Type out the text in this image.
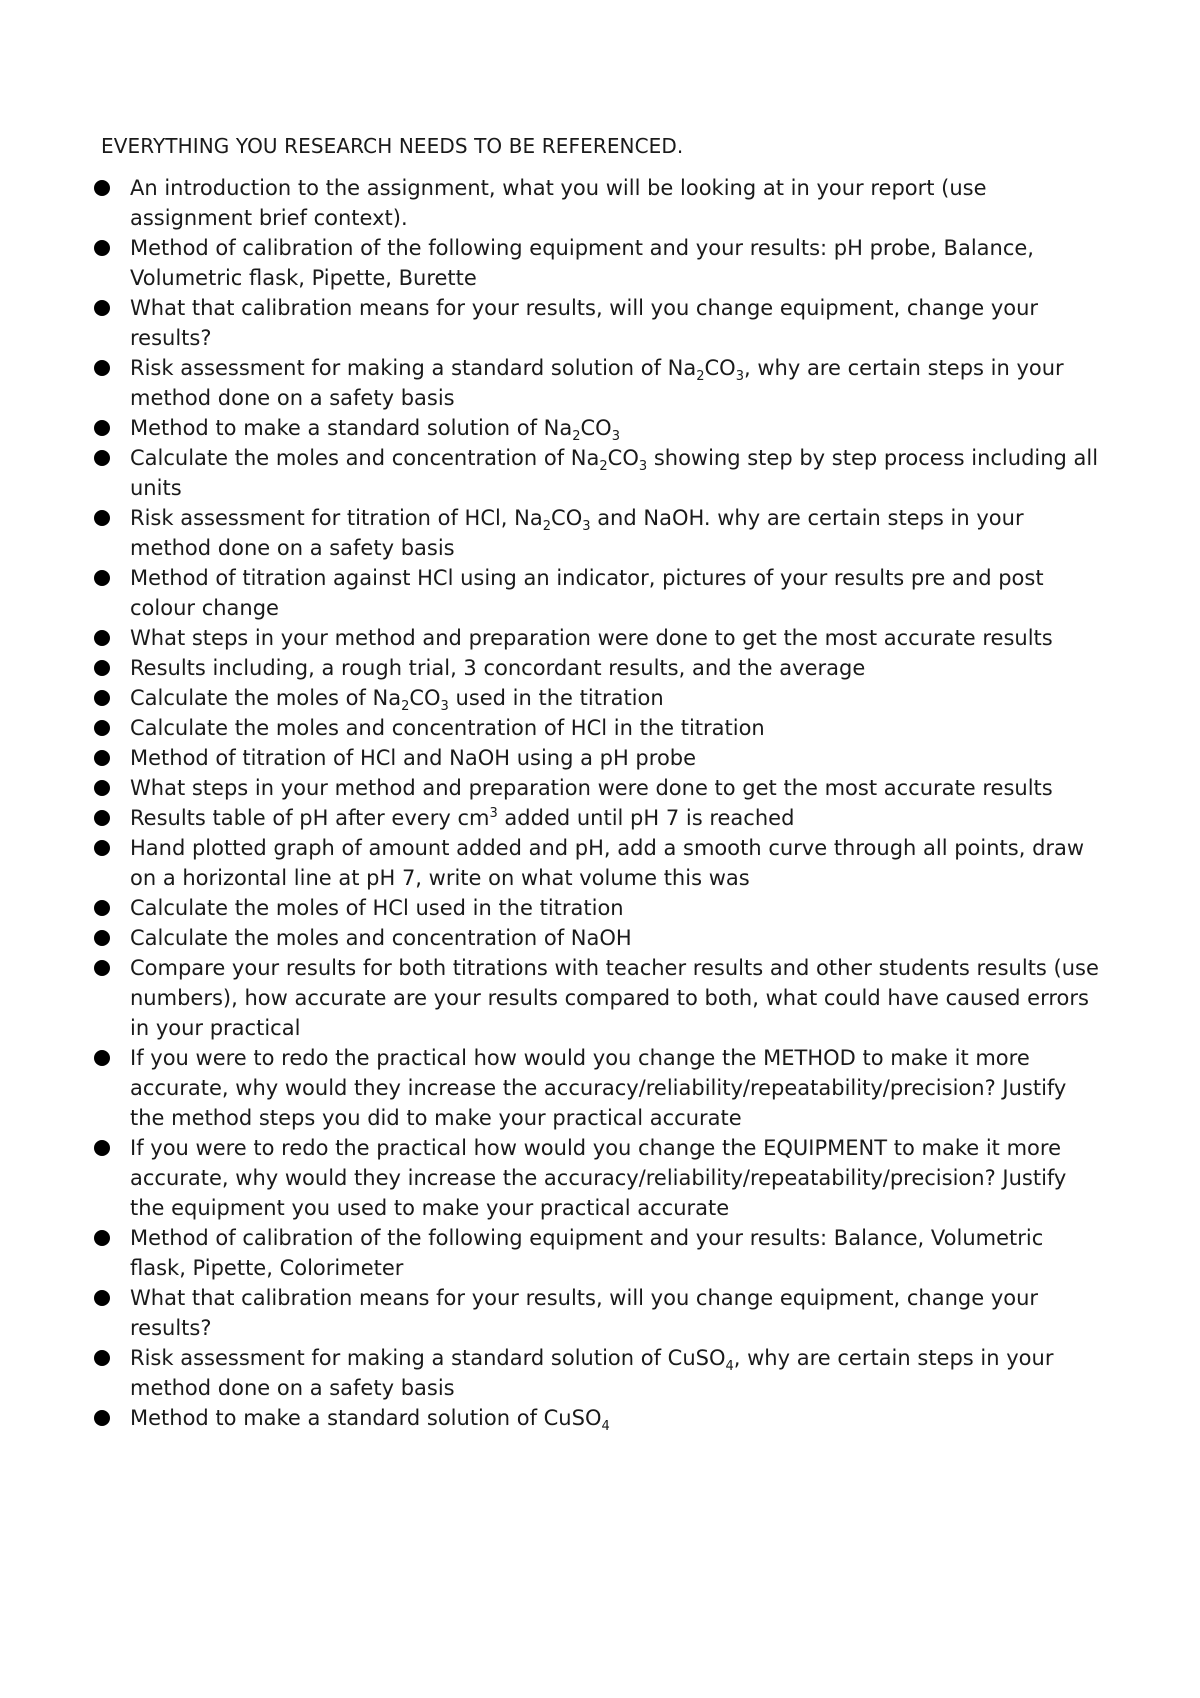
EVERYTHING YOU RESEARCH NEEDS TO BE REFERENCED.
An introduction to the assignment, what you will be looking at in your report (use assignment brief context).
Method of calibration of the following equipment and your results: pH probe, Balance, Volumetric flask, Pipette, Burette
What that calibration means for your results, will you change equipment, change your results?
Risk assessment for making a standard solution of $Na_2CO_3$, why are certain steps in your method done on a safety basis
Method to make a standard solution of $Na_2CO_3$
Calculate the moles and concentration of $Na_2CO_3$ showing step by step process including all units
Risk assessment for titration of HCl, $Na_2CO_3$ and NaOH. why are certain steps in your method done on a safety basis
Method of titration against HCl using an indicator, pictures of your results pre and post colour change
What steps in your method and preparation were done to get the most accurate results
Results including, a rough trial, 3 concordant results, and the average
Calculate the moles of $Na_2CO_3$ used in the titration
Calculate the moles and concentration of HCl in the titration
Method of titration of HCl and NaOH using a pH probe
What steps in your method and preparation were done to get the most accurate results
Results table of pH after every $cm^3$ added until pH 7 is reached
Hand plotted graph of amount added and pH, add a smooth curve through all points, draw on a horizontal line at pH 7, write on what volume this was
Calculate the moles of HCl used in the titration
Calculate the moles and concentration of NaOH
Compare your results for both titrations with teacher results and other students results (use numbers), how accurate are your results compared to both, what could have caused errors in your practical
If you were to redo the practical how would you change the METHOD to make it more accurate, why would they increase the accuracy/reliability/repeatability/precision? Justify the method steps you did to make your practical accurate
If you were to redo the practical how would you change the EQUIPMENT to make it more accurate, why would they increase the accuracy/reliability/repeatability/precision? Justify the equipment you used to make your practical accurate
Method of calibration of the following equipment and your results: Balance, Volumetric flask, Pipette, Colorimeter
What that calibration means for your results, will you change equipment, change your results?
Risk assessment for making a standard solution of CuSO$_4$, why are certain steps in your method done on a safety basis
Method to make a standard solution of CuSO$_4$
